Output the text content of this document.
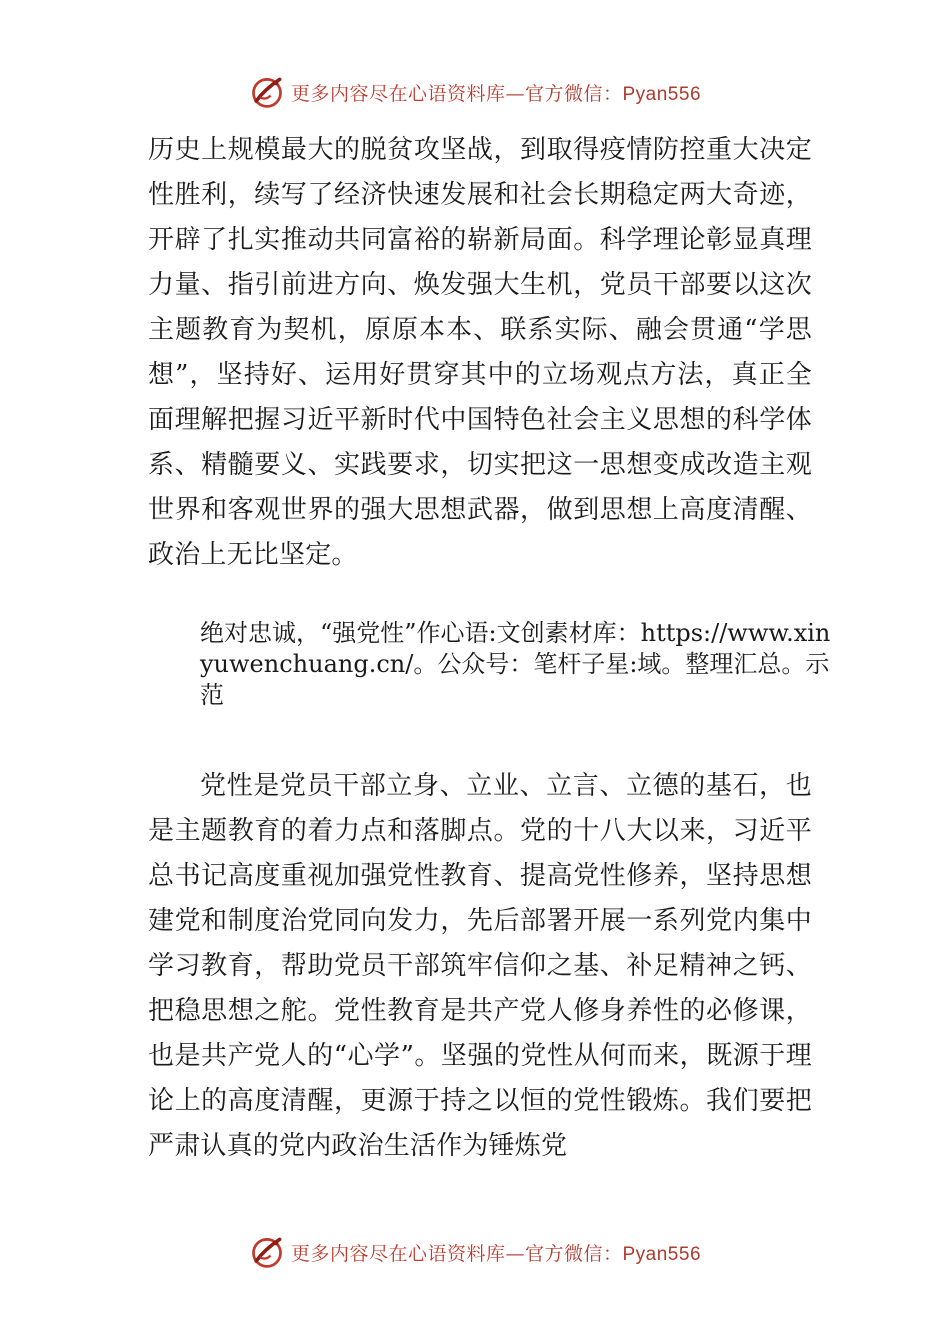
更多内容尽在心语资料库—官方微信：Pyan556

历史上规模最大的脱贫攻坚战，到取得疫情防控重大决定性胜利，续写了经济快速发展和社会长期稳定两大奇迹，开辟了扎实推动共同富裕的崭新局面。科学理论彰显真理力量、指引前进方向、焕发强大生机，党员干部要以这次主题教育为契机，原原本本、联系实际、融会贯通“学思想”，坚持好、运用好贯穿其中的立场观点方法，真正全面理解把握习近平新时代中国特色社会主义思想的科学体系、精髓要义、实践要求，切实把这一思想变成改造主观世界和客观世界的强大思想武器，做到思想上高度清醒、政治上无比坚定。

绝对忠诚，“强党性”作心语:文创素材库：https://www.xinyuwenchuang.cn/。公众号：笔杆子星:域。整理汇总。示范

党性是党员干部立身、立业、立言、立德的基石，也是主题教育的着力点和落脚点。党的十八大以来，习近平总书记高度重视加强党性教育、提高党性修养，坚持思想建党和制度治党同向发力，先后部署开展一系列党内集中学习教育，帮助党员干部筑牢信仰之基、补足精神之钙、把稳思想之舵。党性教育是共产党人修身养性的必修课，也是共产党人的“心学”。坚强的党性从何而来，既源于理论上的高度清醒，更源于持之以恒的党性锻炼。我们要把严肃认真的党内政治生活作为锤炼党

更多内容尽在心语资料库—官方微信：Pyan556
